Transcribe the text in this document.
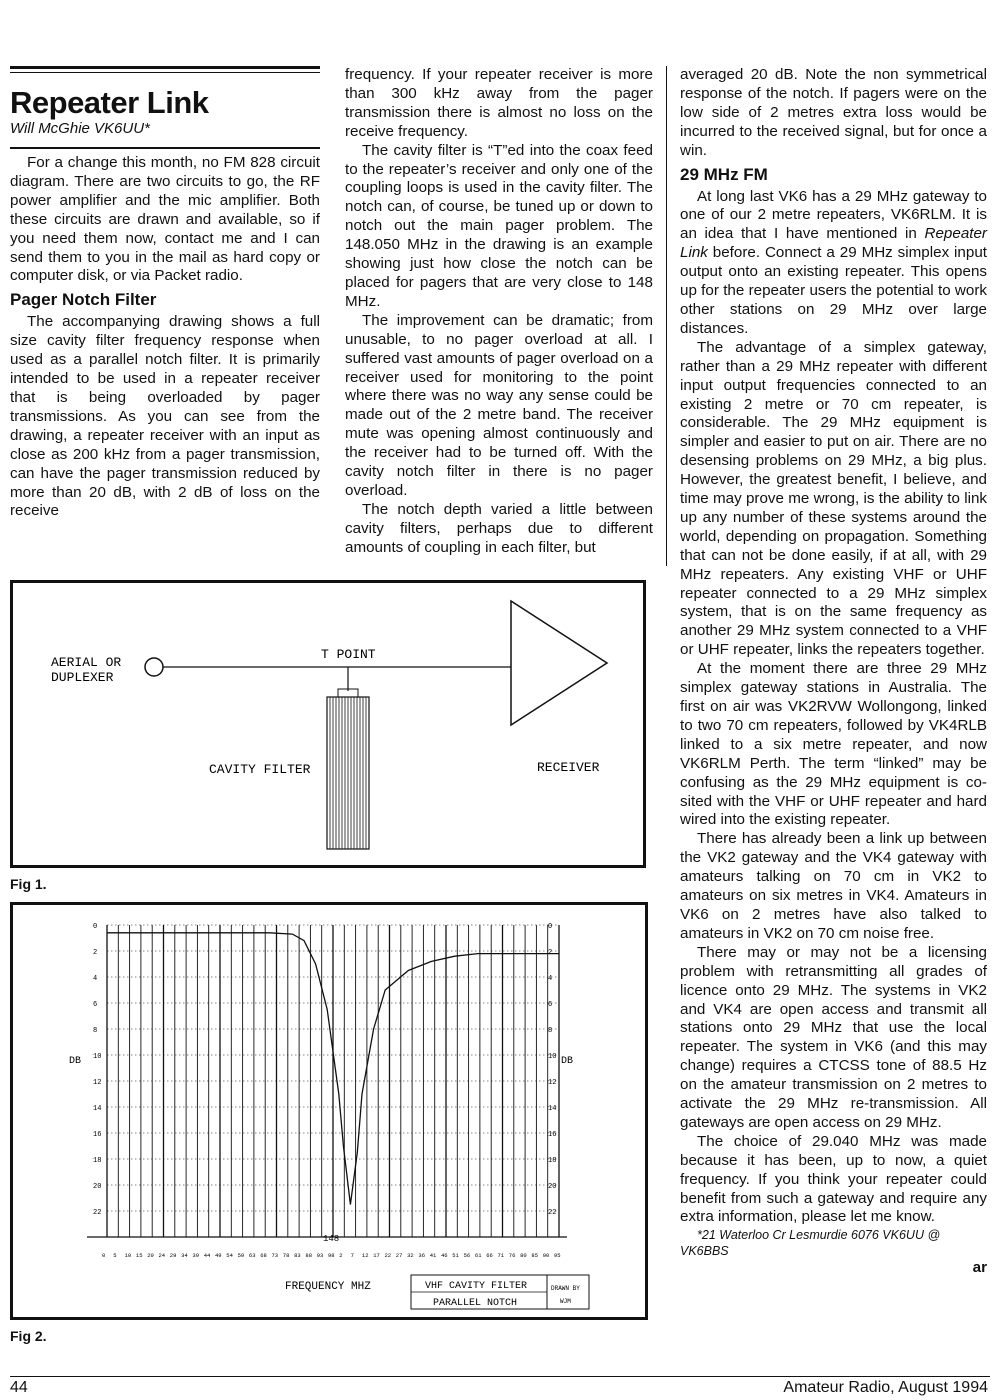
Repeater Link
Will McGhie VK6UU*

For a change this month, no FM 828 circuit diagram. There are two circuits to go, the RF power amplifier and the mic amplifier. Both these circuits are drawn and available, so if you need them now, contact me and I can send them to you in the mail as hard copy or computer disk, or via Packet radio.

Pager Notch Filter

The accompanying drawing shows a full size cavity filter frequency response when used as a parallel notch filter. It is primarily intended to be used in a repeater receiver that is being overloaded by pager transmissions. As you can see from the drawing, a repeater receiver with an input as close as 200 kHz from a pager transmission, can have the pager transmission reduced by more than 20 dB, with 2 dB of loss on the receive

frequency. If your repeater receiver is more than 300 kHz away from the pager transmission there is almost no loss on the receive frequency.

The cavity filter is “T”ed into the coax feed to the repeater’s receiver and only one of the coupling loops is used in the cavity filter. The notch can, of course, be tuned up or down to notch out the main pager problem. The 148.050 MHz in the drawing is an example showing just how close the notch can be placed for pagers that are very close to 148 MHz.

The improvement can be dramatic; from unusable, to no pager overload at all. I suffered vast amounts of pager overload on a receiver used for monitoring to the point where there was no way any sense could be made out of the 2 metre band. The receiver mute was opening almost continuously and the receiver had to be turned off. With the cavity notch filter in there is no pager overload.

The notch depth varied a little between cavity filters, perhaps due to different amounts of coupling in each filter, but

averaged 20 dB. Note the non symmetrical response of the notch. If pagers were on the low side of 2 metres extra loss would be incurred to the received signal, but for once a win.

29 MHz FM

At long last VK6 has a 29 MHz gateway to one of our 2 metre repeaters, VK6RLM. It is an idea that I have mentioned in Repeater Link before. Connect a 29 MHz simplex input output onto an existing repeater. This opens up for the repeater users the potential to work other stations on 29 MHz over large distances.

The advantage of a simplex gateway, rather than a 29 MHz repeater with different input output frequencies connected to an existing 2 metre or 70 cm repeater, is considerable. The 29 MHz equipment is simpler and easier to put on air. There are no desensing problems on 29 MHz, a big plus. However, the greatest benefit, I believe, and time may prove me wrong, is the ability to link up any number of these systems around the world, depending on propagation. Something that can not be done easily, if at all, with 29 MHz repeaters. Any existing VHF or UHF repeater connected to a 29 MHz simplex system, that is on the same frequency as another 29 MHz system connected to a VHF or UHF repeater, links the repeaters together.

At the moment there are three 29 MHz simplex gateway stations in Australia. The first on air was VK2RVW Wollongong, linked to two 70 cm repeaters, followed by VK4RLB linked to a six metre repeater, and now VK6RLM Perth. The term “linked” may be confusing as the 29 MHz equipment is co-sited with the VHF or UHF repeater and hard wired into the existing repeater.

There has already been a link up between the VK2 gateway and the VK4 gateway with amateurs talking on 70 cm in VK2 to amateurs on six metres in VK4. Amateurs in VK6 on 2 metres have also talked to amateurs in VK2 on 70 cm noise free.

There may or may not be a licensing problem with retransmitting all grades of licence onto 29 MHz. The systems in VK2 and VK4 are open access and transmit all stations onto 29 MHz that use the local repeater. The system in VK6 (and this may change) requires a CTCSS tone of 88.5 Hz on the amateur transmission on 2 metres to activate the 29 MHz re-transmission. All gateways are open access on 29 MHz.

The choice of 29.040 MHz was made because it has been, up to now, a quiet frequency. If you think your repeater could benefit from such a gateway and require any extra information, please let me know.

*21 Waterloo Cr Lesmurdie 6076 VK6UU @ VK6BBS

ar

AERIAL OR
DUPLEXER
T POINT
CAVITY FILTER	RECEIVER
Fig 1.
0	0
2	2
4	4
6	6
8	8
10	10
12	12
14	14
16	16
18	18
20	20
22	22
0 5 10 15 20 24 29 34 39 44 49 54 59 63 68 73 78 83 88 93 98 2 7 12 17 22 27 32 36 41 46 51 56 61 66 71 76 80 85 90 95
DB	DB
148
FREQUENCY MHZ	VHF CAVITY FILTER
PARALLEL NOTCH
DRAWN BY
WJM
Fig 2.
44	Amateur Radio, August 1994
